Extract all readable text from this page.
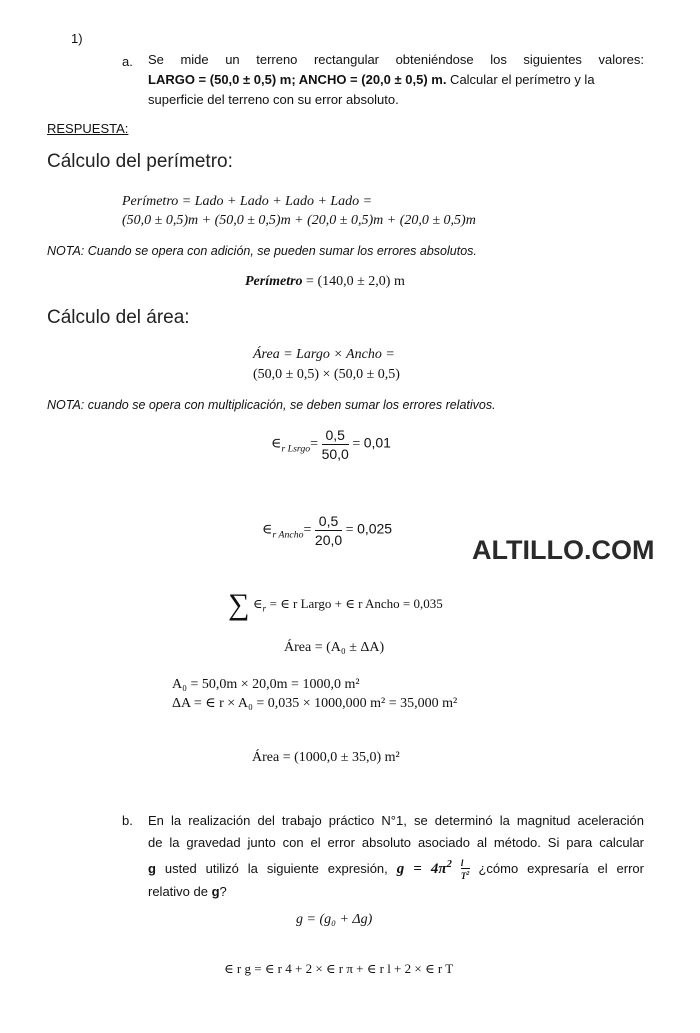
1)
a. Se mide un terreno rectangular obteniéndose los siguientes valores:
LARGO = (50,0 ± 0,5) m; ANCHO = (20,0 ± 0,5) m. Calcular el perímetro y la
superficie del terreno con su error absoluto.
RESPUESTA:
Cálculo del perímetro:
Perímetro = Lado + Lado + Lado + Lado =
(50,0 ± 0,5)m + (50,0 ± 0,5)m + (20,0 ± 0,5)m + (20,0 ± 0,5)m
NOTA: Cuando se opera con adición, se pueden sumar los errores absolutos.
Perímetro = (140,0 ± 2,0) m
Cálculo del área:
Área = Largo × Ancho =
(50,0 ± 0,5) × (50,0 ± 0,5)
NOTA: cuando se opera con multiplicación, se deben sumar los errores relativos.
$\in_{r Lsrgo}= \frac{0,5}{50,0} = 0,01$
$\in_{r Ancho}= \frac{0,5}{20,0} = 0,025$
ALTILLO.COM
∑ $\in_r$ = ∈ r Largo + ∈ r Ancho = 0,035
Área = (A₀ ± ΔA)
A₀ = 50,0m × 20,0m = 1000,0 m²
ΔA = ∈ r × A₀ = 0,035 × 1000,000 m² = 35,000 m²
Área = (1000,0 ± 35,0) m²
b. En la realización del trabajo práctico N°1, se determinó la magnitud aceleración
de la gravedad junto con el error absoluto asociado al método. Si para calcular
g usted utilizó la siguiente expresión, $g = 4\pi^2 \frac{l}{T^2}$ ¿cómo expresaría el error
relativo de g?
g = (g₀ + Δg)
∈ r g = ∈ r 4 + 2 × ∈ r π + ∈ r l + 2 × ∈ r T
